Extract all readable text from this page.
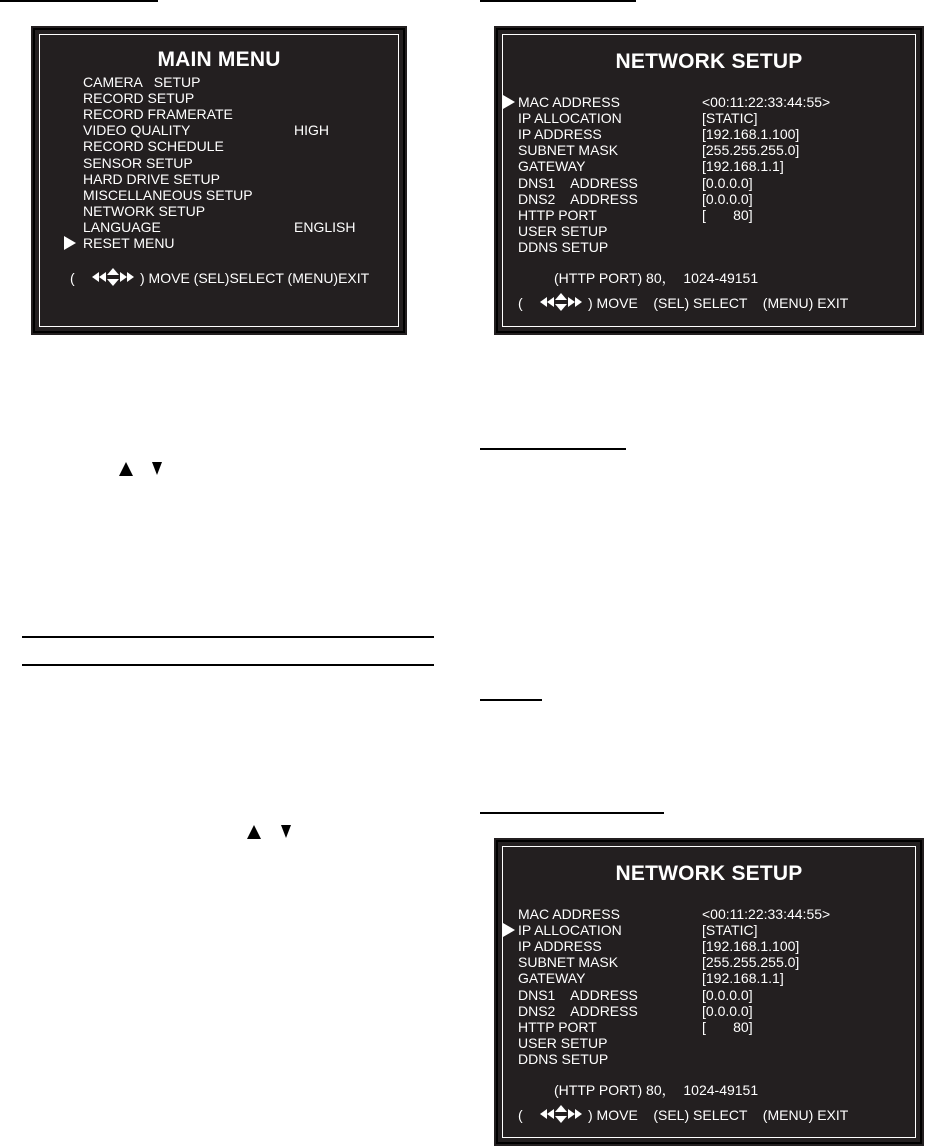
MAIN MENU
CAMERA   SETUP
RECORD SETUP
RECORD FRAMERATE
VIDEO QUALITY	HIGH
RECORD SCHEDULE
SENSOR SETUP
HARD DRIVE SETUP
MISCELLANEOUS SETUP
NETWORK SETUP
LANGUAGE	ENGLISH
RESET MENU
(	) MOVE (SEL)SELECT (MENU)EXIT
NETWORK SETUP
MAC ADDRESS	<00:11:22:33:44:55>
IP ALLOCATION	[STATIC]
IP ADDRESS	[192.168.1.100]
SUBNET MASK	[255.255.255.0]
GATEWAY	[192.168.1.1]
DNS1    ADDRESS	[0.0.0.0]
DNS2    ADDRESS	[0.0.0.0]
HTTP PORT	[       80]
USER SETUP
DDNS SETUP
(HTTP PORT) 80，  1024-49151
(	) MOVE    (SEL) SELECT    (MENU) EXIT
NETWORK SETUP
MAC ADDRESS	<00:11:22:33:44:55>
IP ALLOCATION	[STATIC]
IP ADDRESS	[192.168.1.100]
SUBNET MASK	[255.255.255.0]
GATEWAY	[192.168.1.1]
DNS1    ADDRESS	[0.0.0.0]
DNS2    ADDRESS	[0.0.0.0]
HTTP PORT	[       80]
USER SETUP
DDNS SETUP
(HTTP PORT) 80，  1024-49151
(	) MOVE    (SEL) SELECT    (MENU) EXIT
